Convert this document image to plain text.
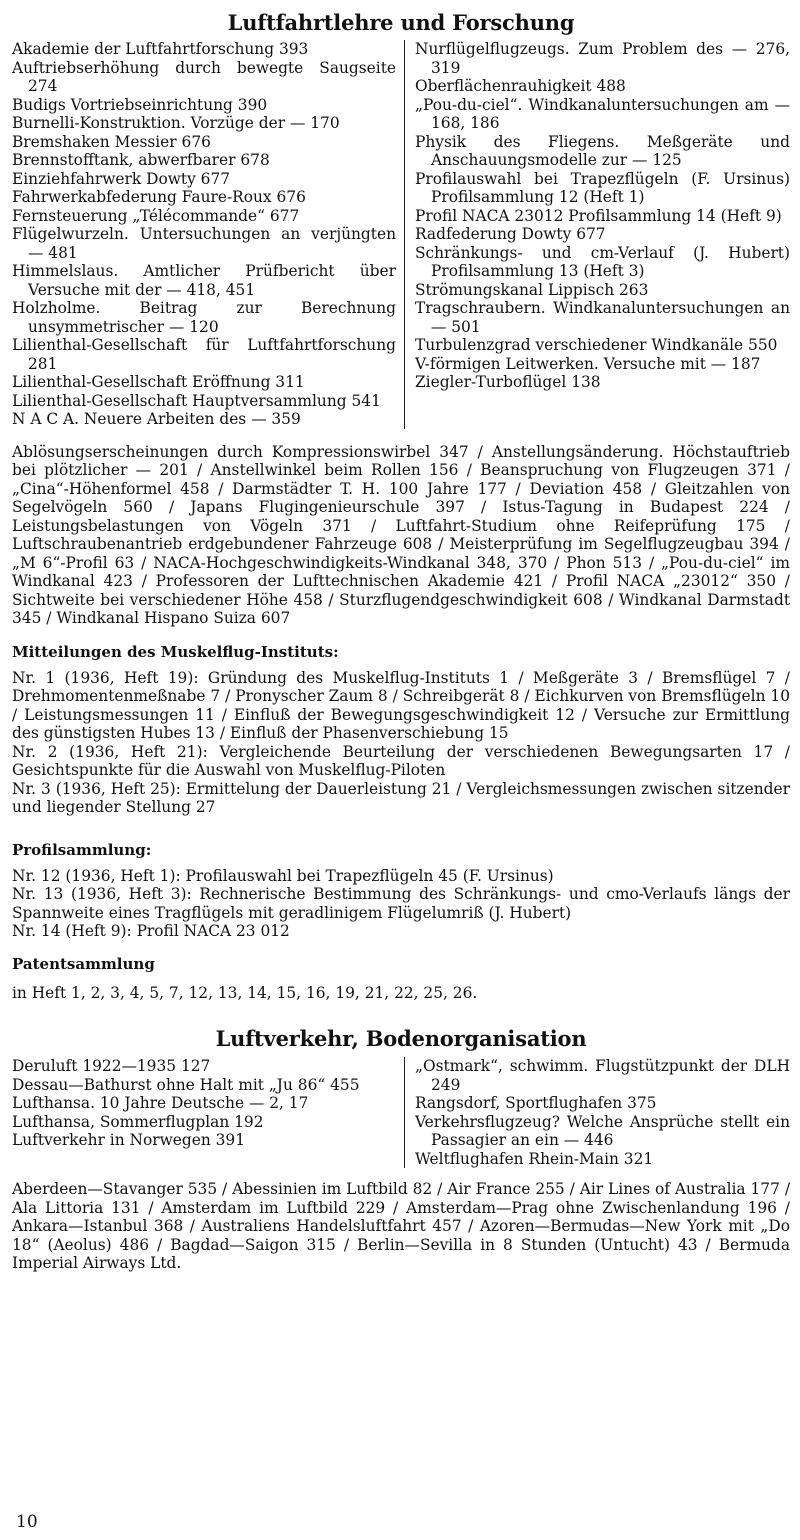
Luftfahrtlehre und Forschung
Akademie der Luftfahrtforschung 393
Auftriebserhöhung durch bewegte Saugseite 274
Budigs Vortriebseinrichtung 390
Burnelli-Konstruktion. Vorzüge der — 170
Bremshaken Messier 676
Brennstofftank, abwerfbarer 678
Einziehfahrwerk Dowty 677
Fahrwerkabfederung Faure-Roux 676
Fernsteuerung „Télécommande“ 677
Flügelwurzeln. Untersuchungen an verjüngten — 481
Himmelslaus. Amtlicher Prüfbericht über Versuche mit der — 418, 451
Holzholme. Beitrag zur Berechnung unsymmetrischer — 120
Lilienthal-Gesellschaft für Luftfahrtforschung 281
Lilienthal-Gesellschaft Eröffnung 311
Lilienthal-Gesellschaft Hauptversammlung 541
N A C A. Neuere Arbeiten des — 359
Nurflügelflugzeugs. Zum Problem des — 276, 319
Oberflächenrauhigkeit 488
„Pou-du-ciel“. Windkanaluntersuchungen am — 168, 186
Physik des Fliegens. Meßgeräte und Anschauungsmodelle zur — 125
Profilauswahl bei Trapezflügeln (F. Ursinus) Profilsammlung 12 (Heft 1)
Profil NACA 23012 Profilsammlung 14 (Heft 9)
Radfederung Dowty 677
Schränkungs- und cm-Verlauf (J. Hubert) Profilsammlung 13 (Heft 3)
Strömungskanal Lippisch 263
Tragschraubern. Windkanaluntersuchungen an — 501
Turbulenzgrad verschiedener Windkanäle 550
V-förmigen Leitwerken. Versuche mit — 187
Ziegler-Turboflügel 138

Ablösungserscheinungen durch Kompressionswirbel 347 / Anstellungsänderung. Höchstauftrieb bei plötzlicher — 201 / Anstellwinkel beim Rollen 156 / Beanspruchung von Flugzeugen 371 / „Cina“-Höhenformel 458 / Darmstädter T. H. 100 Jahre 177 / Deviation 458 / Gleitzahlen von Segelvögeln 560 / Japans Flugingenieurschule 397 / Istus-Tagung in Budapest 224 / Leistungsbelastungen von Vögeln 371 / Luftfahrt-Studium ohne Reifeprüfung 175 / Luftschraubenantrieb erdgebundener Fahrzeuge 608 / Meisterprüfung im Segelflugzeugbau 394 / „M 6“-Profil 63 / NACA-Hochgeschwindigkeits-Windkanal 348, 370 / Phon 513 / „Pou-du-ciel“ im Windkanal 423 / Professoren der Lufttechnischen Akademie 421 / Profil NACA „23012“ 350 / Sichtweite bei verschiedener Höhe 458 / Sturzflugendgeschwindigkeit 608 / Windkanal Darmstadt 345 / Windkanal Hispano Suiza 607

Mitteilungen des Muskelflug-Instituts:

Nr. 1 (1936, Heft 19): Gründung des Muskelflug-Instituts 1 / Meßgeräte 3 / Bremsflügel 7 / Drehmomentenmeßnabe 7 / Pronyscher Zaum 8 / Schreibgerät 8 / Eichkurven von Bremsflügeln 10 / Leistungsmessungen 11 / Einfluß der Bewegungsgeschwindigkeit 12 / Versuche zur Ermittlung des günstigsten Hubes 13 / Einfluß der Phasenverschiebung 15

Nr. 2 (1936, Heft 21): Vergleichende Beurteilung der verschiedenen Bewegungsarten 17 / Gesichtspunkte für die Auswahl von Muskelflug-Piloten

Nr. 3 (1936, Heft 25): Ermittelung der Dauerleistung 21 / Vergleichsmessungen zwischen sitzender und liegender Stellung 27

Profilsammlung:

Nr. 12 (1936, Heft 1): Profilauswahl bei Trapezflügeln 45 (F. Ursinus)

Nr. 13 (1936, Heft 3): Rechnerische Bestimmung des Schränkungs- und cmo-Verlaufs längs der Spannweite eines Tragflügels mit geradlinigem Flügelumriß (J. Hubert)

Nr. 14 (Heft 9): Profil NACA 23 012

Patentsammlung

in Heft 1, 2, 3, 4, 5, 7, 12, 13, 14, 15, 16, 19, 21, 22, 25, 26.

Luftverkehr, Bodenorganisation
Deruluft 1922—1935 127
Dessau—Bathurst ohne Halt mit „Ju 86“ 455
Lufthansa. 10 Jahre Deutsche — 2, 17
Lufthansa, Sommerflugplan 192
Luftverkehr in Norwegen 391
„Ostmark“, schwimm. Flugstützpunkt der DLH 249
Rangsdorf, Sportflughafen 375
Verkehrsflugzeug? Welche Ansprüche stellt ein Passagier an ein — 446
Weltflughafen Rhein-Main 321

Aberdeen—Stavanger 535 / Abessinien im Luftbild 82 / Air France 255 / Air Lines of Australia 177 / Ala Littoria 131 / Amsterdam im Luftbild 229 / Amsterdam—Prag ohne Zwischenlandung 196 / Ankara—Istanbul 368 / Australiens Handelsluftfahrt 457 / Azoren—Bermudas—New York mit „Do 18“ (Aeolus) 486 / Bagdad—Saigon 315 / Berlin—Sevilla in 8 Stunden (Untucht) 43 / Bermuda Imperial Airways Ltd.

10
